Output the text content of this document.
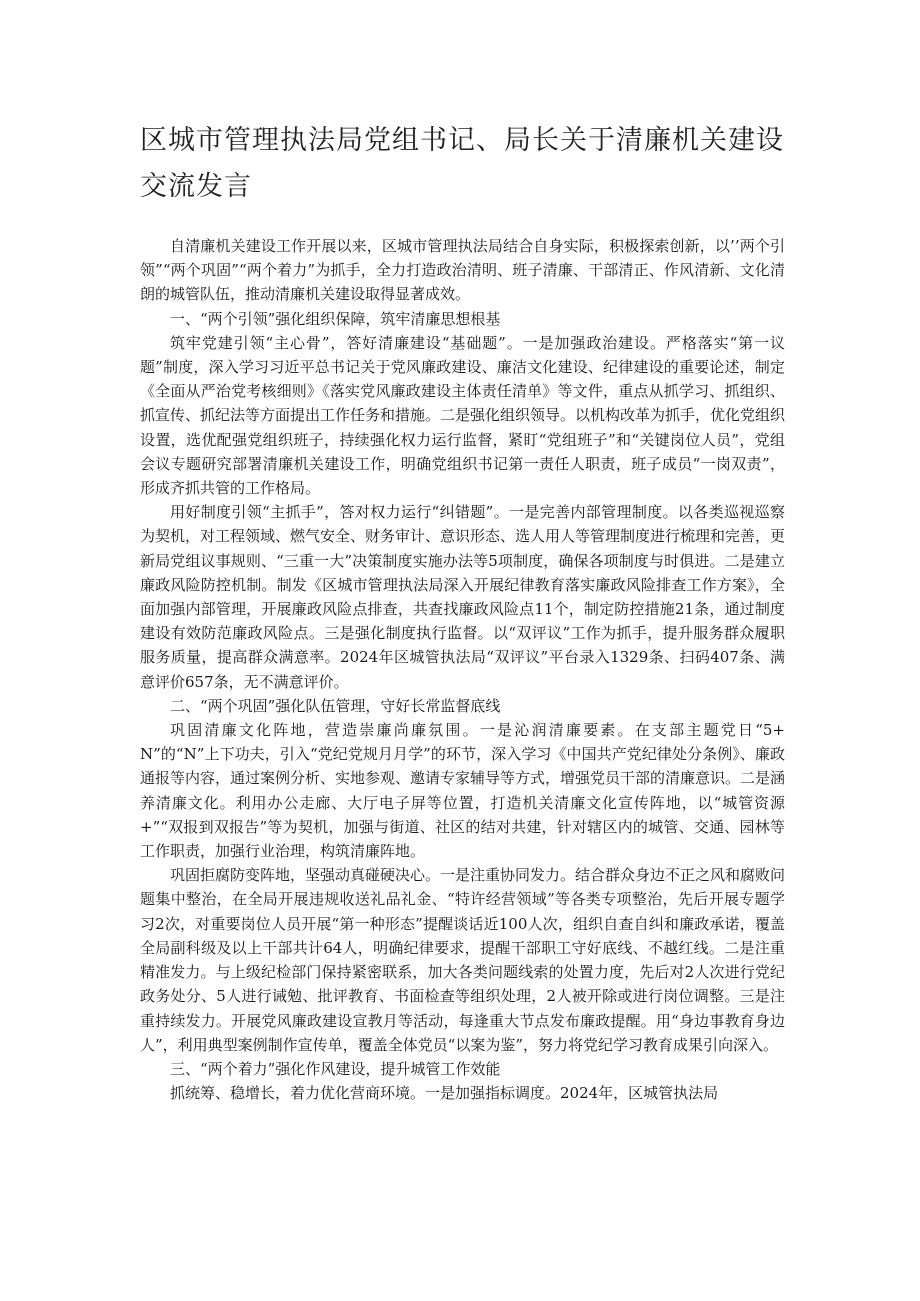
区城市管理执法局党组书记、局长关于清廉机关建设交流发言

自清廉机关建设工作开展以来，区城市管理执法局结合自身实际，积极探索创新，以’’两个引领”“两个巩固”“两个着力”为抓手，全力打造政治清明、班子清廉、干部清正、作风清新、文化清朗的城管队伍，推动清廉机关建设取得显著成效。

一、“两个引领”强化组织保障，筑牢清廉思想根基

筑牢党建引领“主心骨”，答好清廉建设“基础题”。一是加强政治建设。严格落实“第一议题”制度，深入学习习近平总书记关于党风廉政建设、廉洁文化建设、纪律建设的重要论述，制定《全面从严治党考核细则》《落实党风廉政建设主体责任清单》等文件，重点从抓学习、抓组织、抓宣传、抓纪法等方面提出工作任务和措施。二是强化组织领导。以机构改革为抓手，优化党组织设置，选优配强党组织班子，持续强化权力运行监督，紧盯“党组班子”和“关键岗位人员”，党组会议专题研究部署清廉机关建设工作，明确党组织书记第一责任人职责，班子成员“一岗双责”，形成齐抓共管的工作格局。

用好制度引领“主抓手”，答对权力运行“纠错题”。一是完善内部管理制度。以各类巡视巡察为契机，对工程领域、燃气安全、财务审计、意识形态、选人用人等管理制度进行梳理和完善，更新局党组议事规则、“三重一大”决策制度实施办法等5项制度，确保各项制度与时俱进。二是建立廉政风险防控机制。制发《区城市管理执法局深入开展纪律教育落实廉政风险排查工作方案》，全面加强内部管理，开展廉政风险点排查，共查找廉政风险点11个，制定防控措施21条，通过制度建设有效防范廉政风险点。三是强化制度执行监督。以“双评议”工作为抓手，提升服务群众履职服务质量，提高群众满意率。2024年区城管执法局“双评议”平台录入1329条、扫码407条、满意评价657条，无不满意评价。

二、“两个巩固”强化队伍管理，守好长常监督底线

巩固清廉文化阵地，营造崇廉尚廉氛围。一是沁润清廉要素。在支部主题党日“5+N”的“N”上下功夫，引入“党纪党规月月学”的环节，深入学习《中国共产党纪律处分条例》、廉政通报等内容，通过案例分析、实地参观、邀请专家辅导等方式，增强党员干部的清廉意识。二是涵养清廉文化。利用办公走廊、大厅电子屏等位置，打造机关清廉文化宣传阵地，以“城管资源+”“双报到双报告”等为契机，加强与街道、社区的结对共建，针对辖区内的城管、交通、园林等工作职责，加强行业治理，构筑清廉阵地。

巩固拒腐防变阵地，坚强动真碰硬决心。一是注重协同发力。结合群众身边不正之风和腐败问题集中整治，在全局开展违规收送礼品礼金、“特许经营领域”等各类专项整治，先后开展专题学习2次，对重要岗位人员开展“第一种形态”提醒谈话近100人次，组织自查自纠和廉政承诺，覆盖全局副科级及以上干部共计64人，明确纪律要求，提醒干部职工守好底线、不越红线。二是注重精准发力。与上级纪检部门保持紧密联系，加大各类问题线索的处置力度，先后对2人次进行党纪政务处分、5人进行诫勉、批评教育、书面检查等组织处理，2人被开除或进行岗位调整。三是注重持续发力。开展党风廉政建设宣教月等活动，每逢重大节点发布廉政提醒。用“身边事教育身边人”，利用典型案例制作宣传单，覆盖全体党员“以案为鉴”，努力将党纪学习教育成果引向深入。

三、“两个着力”强化作风建设，提升城管工作效能

抓统筹、稳增长，着力优化营商环境。一是加强指标调度。2024年，区城管执法局
